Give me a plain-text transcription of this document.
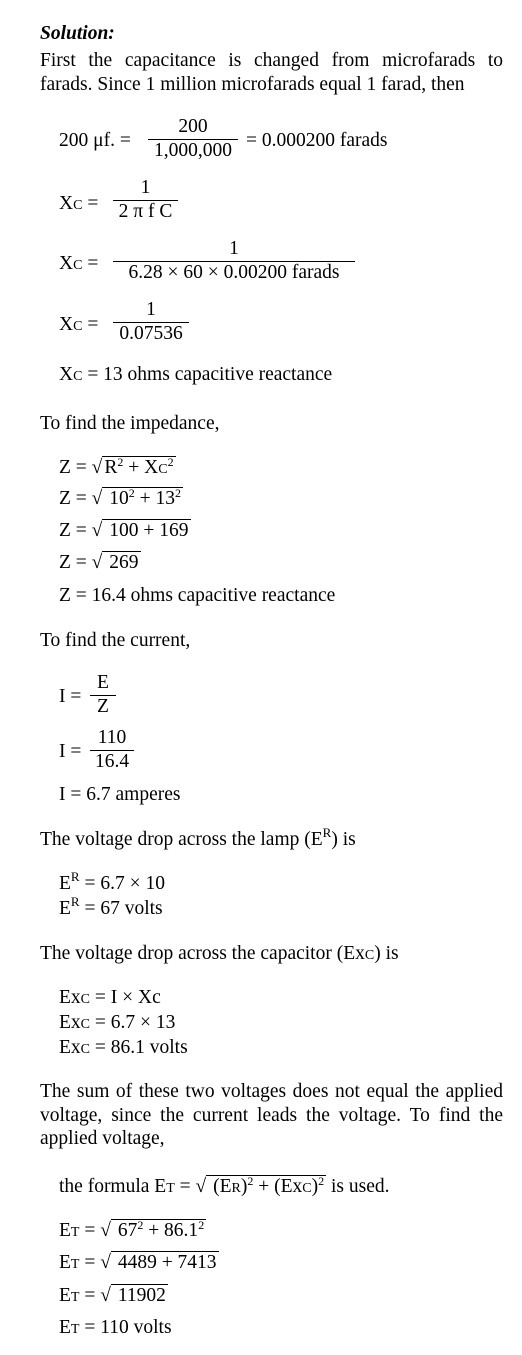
Solution:
First the capacitance is changed from microfarads to farads. Since 1 million microfarads equal 1 farad, then
200 μf. =
200
1,000,000 = 0.000200 farads
XC =
1
2 π f C
XC =
1
6.28 × 60 × 0.00200 farads
XC =
1
0.07536
XC = 13 ohms capacitive reactance
To find the impedance,
Z = √ $R^2 + XC^2$
Z = √ $10^2 + 13^2$
Z = √ 100 + 169
Z = √ 269
Z = 16.4 ohms capacitive reactance
To find the current,
I =
E
Z
I =
110
16.4
I = 6.7 amperes
The voltage drop across the lamp $(E^R)$ is
$E^R = 6.7 \times 10$
$E^R = 67$ volts
The voltage drop across the capacitor (ExC) is
ExC = I × Xc
ExC = 6.7 × 13
ExC = 86.1 volts
The sum of these two voltages does not equal the applied voltage, since the current leads the voltage. To find the applied voltage,
the formula ET = √ (ER)$^2$ + (ExC)$^2$ is used.
ET = √ $67^2 + 86.1^2$
ET = √ 4489 + 7413
ET = √ 11902
ET = 110 volts
